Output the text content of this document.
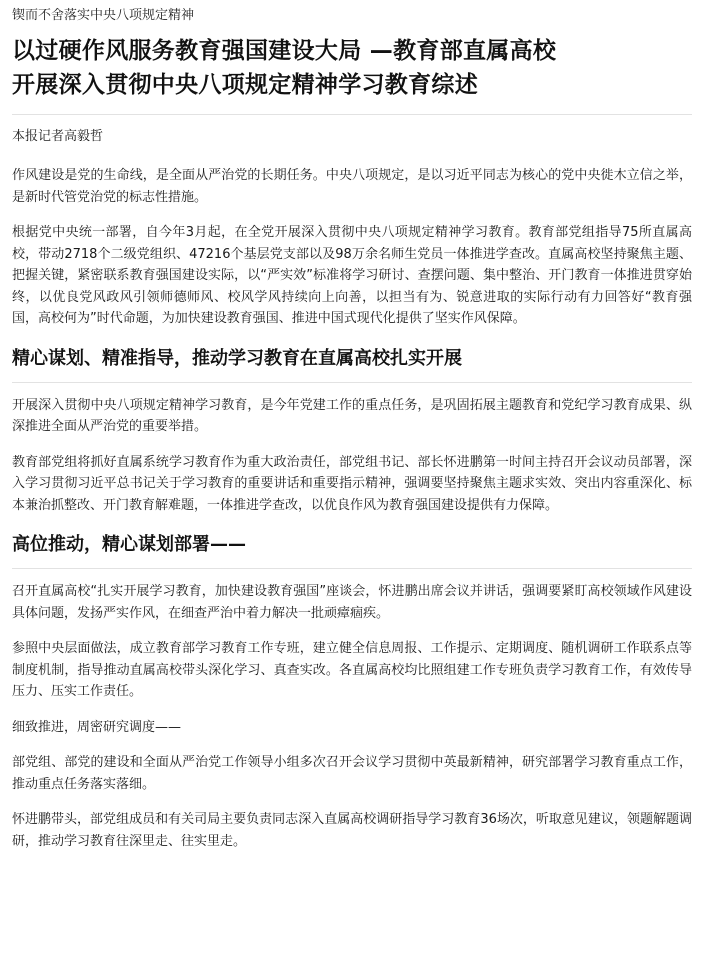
锲而不舍落实中央八项规定精神
以过硬作风服务教育强国建设大局 —教育部直属高校
开展深入贯彻中央八项规定精神学习教育综述
本报记者高毅哲

作风建设是党的生命线，是全面从严治党的长期任务。中央八项规定，是以习近平同志为核心的党中央徙木立信之举，是新时代管党治党的标志性措施。

根据党中央统一部署，自今年3月起，在全党开展深入贯彻中央八项规定精神学习教育。教育部党组指导75所直属高校，带动2718个二级党组织、47216个基层党支部以及98万余名师生党员一体推进学查改。直属高校坚持聚焦主题、把握关键，紧密联系教育强国建设实际，以“严实效”标准将学习研讨、查摆问题、集中整治、开门教育一体推进贯穿始终，以优良党风政风引领师德师风、校风学风持续向上向善，以担当有为、锐意进取的实际行动有力回答好“教育强国，高校何为”时代命题，为加快建设教育强国、推进中国式现代化提供了坚实作风保障。

精心谋划、精准指导，推动学习教育在直属高校扎实开展

开展深入贯彻中央八项规定精神学习教育，是今年党建工作的重点任务，是巩固拓展主题教育和党纪学习教育成果、纵深推进全面从严治党的重要举措。

教育部党组将抓好直属系统学习教育作为重大政治责任，部党组书记、部长怀进鹏第一时间主持召开会议动员部署，深入学习贯彻习近平总书记关于学习教育的重要讲话和重要指示精神，强调要坚持聚焦主题求实效、突出内容重深化、标本兼治抓整改、开门教育解难题，一体推进学查改，以优良作风为教育强国建设提供有力保障。

高位推动，精心谋划部署——

召开直属高校“扎实开展学习教育，加快建设教育强国”座谈会，怀进鹏出席会议并讲话，强调要紧盯高校领域作风建设具体问题，发扬严实作风，在细查严治中着力解决一批顽瘴痼疾。

参照中央层面做法，成立教育部学习教育工作专班，建立健全信息周报、工作提示、定期调度、随机调研工作联系点等制度机制，指导推动直属高校带头深化学习、真查实改。各直属高校均比照组建工作专班负责学习教育工作，有效传导压力、压实工作责任。

细致推进，周密研究调度——

部党组、部党的建设和全面从严治党工作领导小组多次召开会议学习贯彻中英最新精神，研究部署学习教育重点工作，推动重点任务落实落细。

怀进鹏带头，部党组成员和有关司局主要负责同志深入直属高校调研指导学习教育36场次，听取意见建议，领题解题调研，推动学习教育往深里走、往实里走。
